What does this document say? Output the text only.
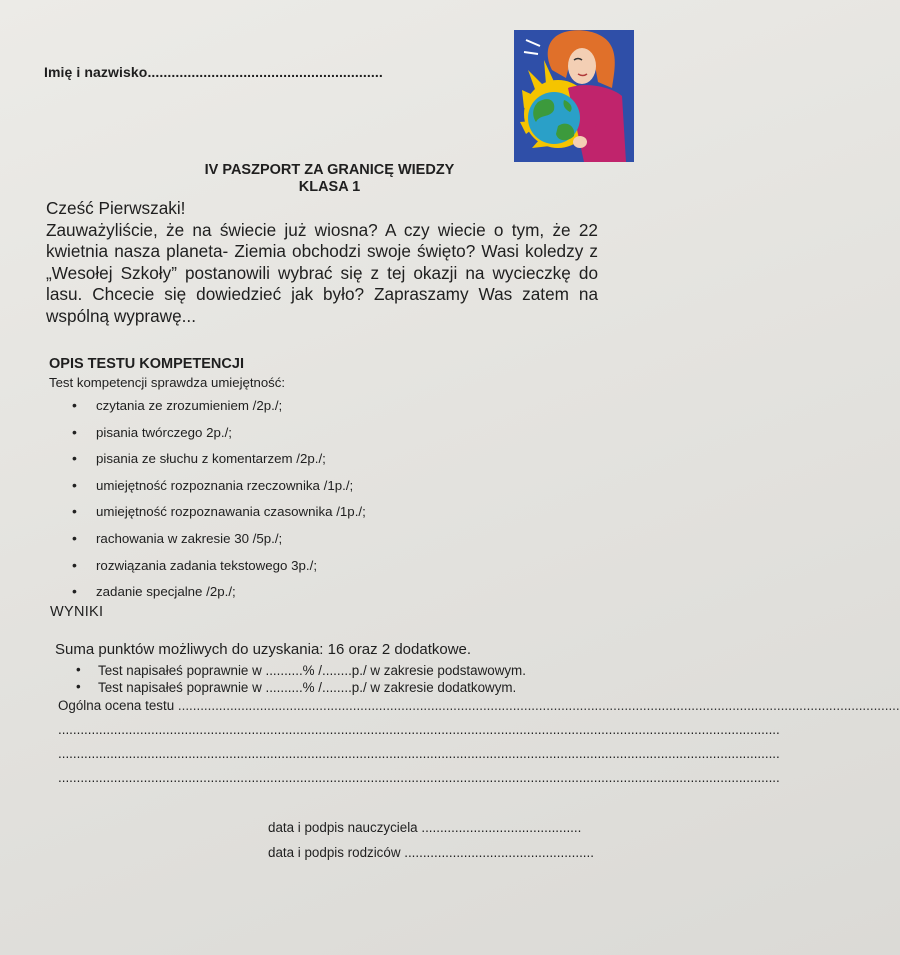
Imię i nazwisko...........................................................
IV PASZPORT ZA GRANICĘ WIEDZY
KLASA 1

Cześć Pierwszaki!

Zauważyliście, że na świecie już wiosna? A czy wiecie o tym, że 22 kwietnia nasza planeta- Ziemia obchodzi swoje święto? Wasi koledzy z „Wesołej Szkoły” postanowili wybrać się z tej okazji na wycieczkę do lasu. Chcecie się dowiedzieć jak było? Zapraszamy Was zatem na wspólną wyprawę...

OPIS TESTU KOMPETENCJI
Test kompetencji sprawdza umiejętność:
• czytania ze zrozumieniem /2p./;
• pisania twórczego 2p./;
• pisania ze słuchu z komentarzem /2p./;
• umiejętność rozpoznania rzeczownika /1p./;
• umiejętność rozpoznawania czasownika /1p./;
• rachowania w zakresie 30 /5p./;
• rozwiązania zadania tekstowego 3p./;
• zadanie specjalne /2p./;
WYNIKI
Suma punktów możliwych do uzyskania: 16 oraz 2 dodatkowe.
• Test napisałeś poprawnie w ..........% /........p./ w zakresie podstawowym.
• Test napisałeś poprawnie w ..........% /........p./ w zakresie dodatkowym.
Ogólna ocena testu ..................................................................................................................................................................................................
..................................................................................................................................................................................................
..................................................................................................................................................................................................
..................................................................................................................................................................................................
data i podpis nauczyciela ...........................................
data i podpis rodziców ...................................................
